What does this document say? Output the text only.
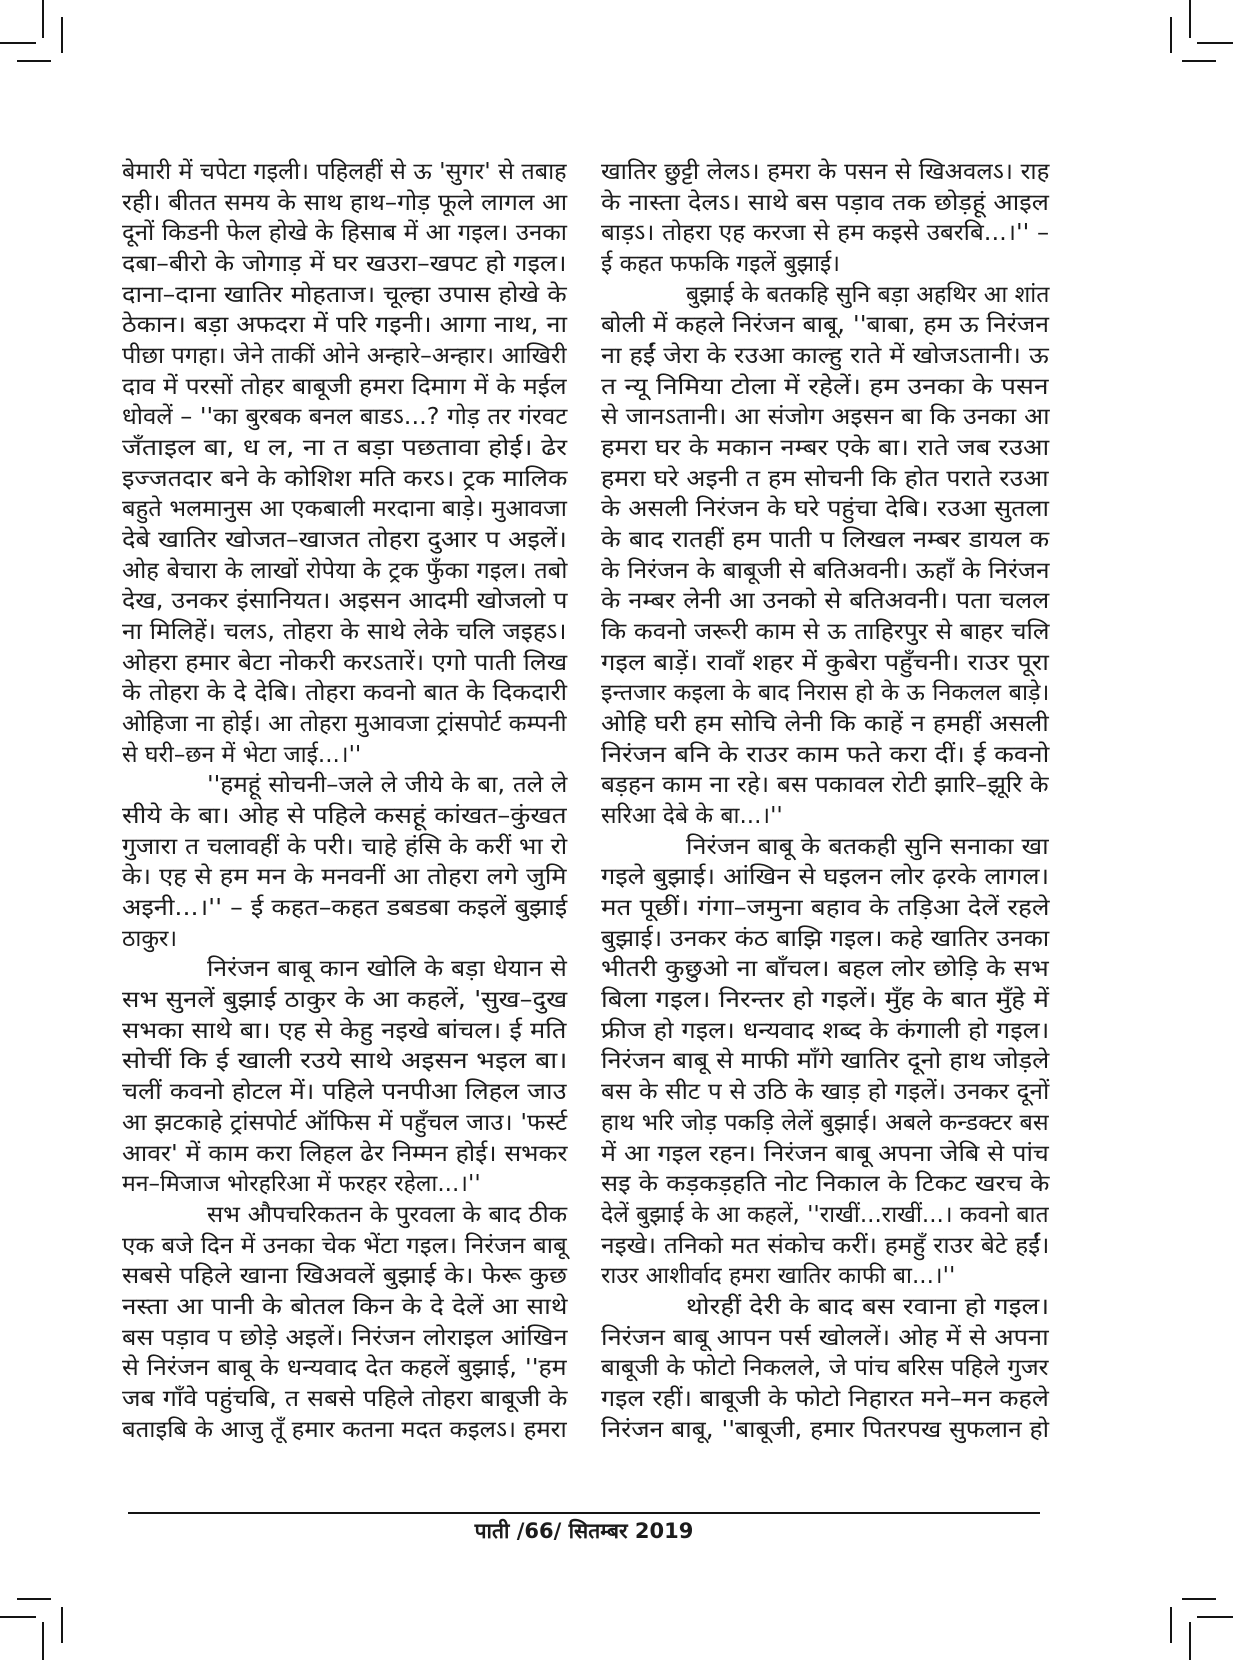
बेमारी में चपेटा गइली। पहिलहीं से ऊ 'सुगर' से तबाह
रही। बीतत समय के साथ हाथ–गोड़ फूले लागल आ
दूनों किडनी फेल होखे के हिसाब में आ गइल। उनका
दबा–बीरो के जोगाड़ में घर खउरा–खपट हो गइल।
दाना–दाना खातिर मोहताज। चूल्हा उपास होखे के
ठेकान। बड़ा अफदरा में परि गइनी। आगा नाथ, ना
पीछा पगहा। जेने ताकीं ओने अन्हारे–अन्हार। आखिरी
दाव में परसों तोहर बाबूजी हमरा दिमाग में के मईल
धोवलें – ''का बुरबक बनल बाडऽ...? गोड़ तर गंरवट
जँताइल बा, ध ल, ना त बड़ा पछतावा होई। ढेर
इज्जतदार बने के कोशिश मति करऽ। ट्रक मालिक
बहुते भलमानुस आ एकबाली मरदाना बाड़े। मुआवजा
देबे खातिर खोजत–खाजत तोहरा दुआर प अइलें।
ओह बेचारा के लाखों रोपेया के ट्रक फुँका गइल। तबो
देख, उनकर इंसानियत। अइसन आदमी खोजलो प
ना मिलिहें। चलऽ, तोहरा के साथे लेके चलि जइहऽ।
ओहरा हमार बेटा नोकरी करऽतारें। एगो पाती लिख
के तोहरा के दे देबि। तोहरा कवनो बात के दिकदारी
ओहिजा ना होई। आ तोहरा मुआवजा ट्रांसपोर्ट कम्पनी
से घरी–छन में भेटा जाई...।''
''हमहूं सोचनी–जले ले जीये के बा, तले ले
सीये के बा। ओह से पहिले कसहूं कांखत–कुंखत
गुजारा त चलावहीं के परी। चाहे हंसि के करीं भा रो
के। एह से हम मन के मनवनीं आ तोहरा लगे जुमि
अइनी...।'' – ई कहत–कहत डबडबा कइलें बुझाई
ठाकुर।
निरंजन बाबू कान खोलि के बड़ा धेयान से
सभ सुनलें बुझाई ठाकुर के आ कहलें, 'सुख–दुख
सभका साथे बा। एह से केहु नइखे बांचल। ई मति
सोचीं कि ई खाली रउये साथे अइसन भइल बा।
चलीं कवनो होटल में। पहिले पनपीआ लिहल जाउ
आ झटकाहे ट्रांसपोर्ट ऑफिस में पहुँचल जाउ। 'फर्स्ट
आवर' में काम करा लिहल ढेर निम्मन होई। सभकर
मन–मिजाज भोरहरिआ में फरहर रहेला...।''
सभ औपचरिकतन के पुरवला के बाद ठीक
एक बजे दिन में उनका चेक भेंटा गइल। निरंजन बाबू
सबसे पहिले खाना खिअवलें बुझाई के। फेरू कुछ
नस्ता आ पानी के बोतल किन के दे देलें आ साथे
बस पड़ाव प छोड़े अइलें। निरंजन लोराइल आंखिन
से निरंजन बाबू के धन्यवाद देत कहलें बुझाई, ''हम
जब गाँवे पहुंचबि, त सबसे पहिले तोहरा बाबूजी के
बताइबि के आजु तूँ हमार कतना मदत कइलऽ। हमरा
खातिर छुट्टी लेलऽ। हमरा के पसन से खिअवलऽ। राह
के नास्ता देलऽ। साथे बस पड़ाव तक छोड़हूं आइल
बाड़ऽ। तोहरा एह करजा से हम कइसे उबरबि...।'' –
ई कहत फफकि गइलें बुझाई।
बुझाई के बतकहि सुनि बड़ा अहथिर आ शांत
बोली में कहले निरंजन बाबू, ''बाबा, हम ऊ निरंजन
ना हईं जेरा के रउआ काल्हु राते में खोजऽतानी। ऊ
त न्यू निमिया टोला में रहेलें। हम उनका के पसन
से जानऽतानी। आ संजोग अइसन बा कि उनका आ
हमरा घर के मकान नम्बर एके बा। राते जब रउआ
हमरा घरे अइनी त हम सोचनी कि होत पराते रउआ
के असली निरंजन के घरे पहुंचा देबि। रउआ सुतला
के बाद रातहीं हम पाती प लिखल नम्बर डायल क
के निरंजन के बाबूजी से बतिअवनी। ऊहाँ के निरंजन
के नम्बर लेनी आ उनको से बतिअवनी। पता चलल
कि कवनो जरूरी काम से ऊ ताहिरपुर से बाहर चलि
गइल बाड़ें। रावाँ शहर में कुबेरा पहुँचनी। राउर पूरा
इन्तजार कइला के बाद निरास हो के ऊ निकलल बाड़े।
ओहि घरी हम सोचि लेनी कि काहें न हमहीं असली
निरंजन बनि के राउर काम फते करा दीं। ई कवनो
बड़हन काम ना रहे। बस पकावल रोटी झारि–झूरि के
सरिआ देबे के बा...।''
निरंजन बाबू के बतकही सुनि सनाका खा
गइले बुझाई। आंखिन से घइलन लोर ढ़रके लागल।
मत पूछीं। गंगा–जमुना बहाव के तड़िआ देलें रहले
बुझाई। उनकर कंठ बाझि गइल। कहे खातिर उनका
भीतरी कुछुओ ना बाँचल। बहल लोर छोड़ि के सभ
बिला गइल। निरन्तर हो गइलें। मुँह के बात मुँहे में
फ्रीज हो गइल। धन्यवाद शब्द के कंगाली हो गइल।
निरंजन बाबू से माफी माँगे खातिर दूनो हाथ जोड़ले
बस के सीट प से उठि के खाड़ हो गइलें। उनकर दूनों
हाथ भरि जोड़ पकड़ि लेलें बुझाई। अबले कन्डक्टर बस
में आ गइल रहन। निरंजन बाबू अपना जेबि से पांच
सइ के कड़कड़हति नोट निकाल के टिकट खरच के
देलें बुझाई के आ कहलें, ''राखीं...राखीं...। कवनो बात
नइखे। तनिको मत संकोच करीं। हमहुँ राउर बेटे हईं।
राउर आशीर्वाद हमरा खातिर काफी बा...।''
थोरहीं देरी के बाद बस रवाना हो गइल।
निरंजन बाबू आपन पर्स खोललें। ओह में से अपना
बाबूजी के फोटो निकलले, जे पांच बरिस पहिले गुजर
गइल रहीं। बाबूजी के फोटो निहारत मने–मन कहले
निरंजन बाबू, ''बाबूजी, हमार पितरपख सुफलान हो
पाती /66/ सितम्बर 2019
